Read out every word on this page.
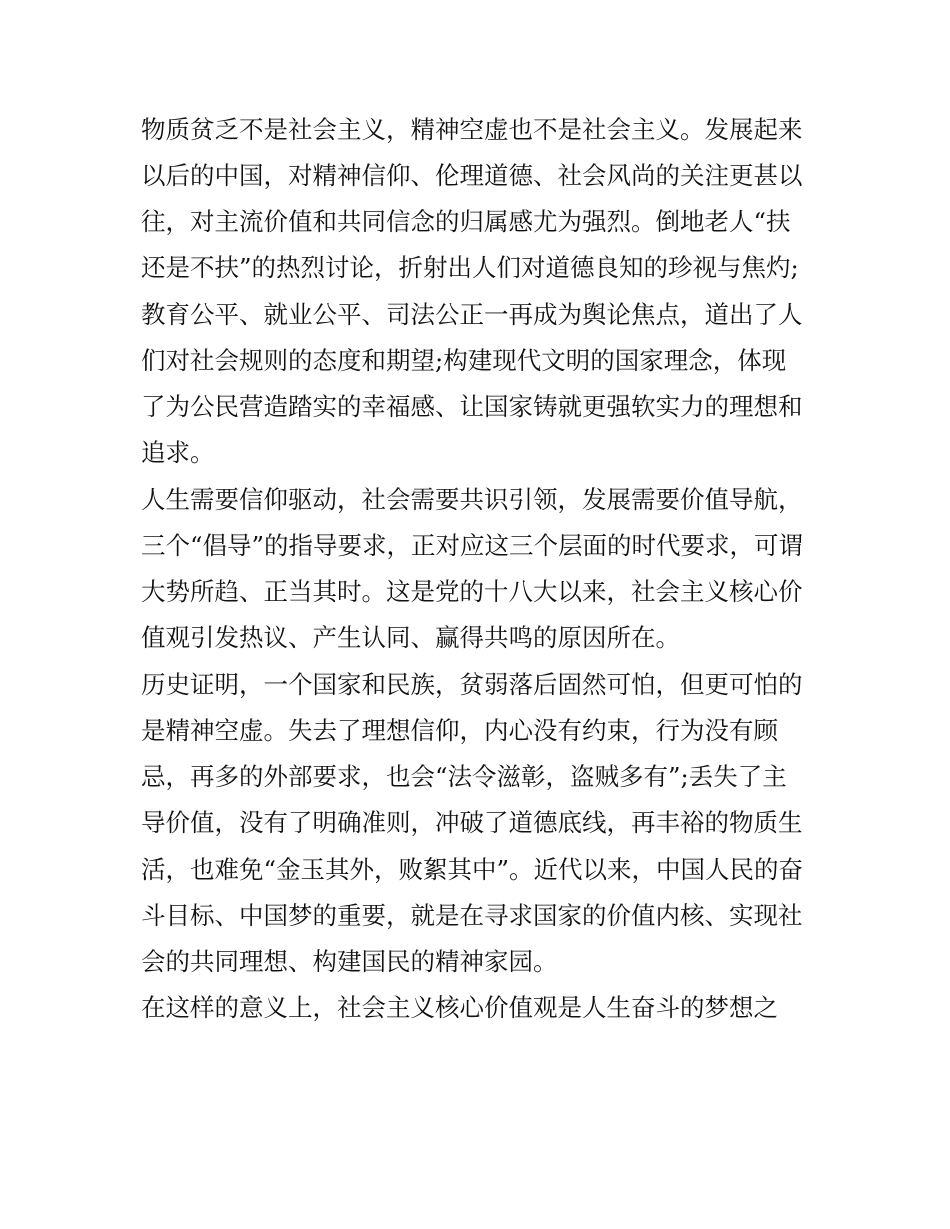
物质贫乏不是社会主义，精神空虚也不是社会主义。发展起来
以后的中国，对精神信仰、伦理道德、社会风尚的关注更甚以
往，对主流价值和共同信念的归属感尤为强烈。倒地老人“扶
还是不扶”的热烈讨论，折射出人们对道德良知的珍视与焦灼;
教育公平、就业公平、司法公正一再成为舆论焦点，道出了人
们对社会规则的态度和期望;构建现代文明的国家理念，体现
了为公民营造踏实的幸福感、让国家铸就更强软实力的理想和
追求。
人生需要信仰驱动，社会需要共识引领，发展需要价值导航，
三个“倡导”的指导要求，正对应这三个层面的时代要求，可谓
大势所趋、正当其时。这是党的十八大以来，社会主义核心价
值观引发热议、产生认同、赢得共鸣的原因所在。
历史证明，一个国家和民族，贫弱落后固然可怕，但更可怕的
是精神空虚。失去了理想信仰，内心没有约束，行为没有顾
忌，再多的外部要求，也会“法令滋彰，盗贼多有”;丢失了主
导价值，没有了明确准则，冲破了道德底线，再丰裕的物质生
活，也难免“金玉其外，败絮其中”。近代以来，中国人民的奋
斗目标、中国梦的重要，就是在寻求国家的价值内核、实现社
会的共同理想、构建国民的精神家园。
在这样的意义上，社会主义核心价值观是人生奋斗的梦想之
